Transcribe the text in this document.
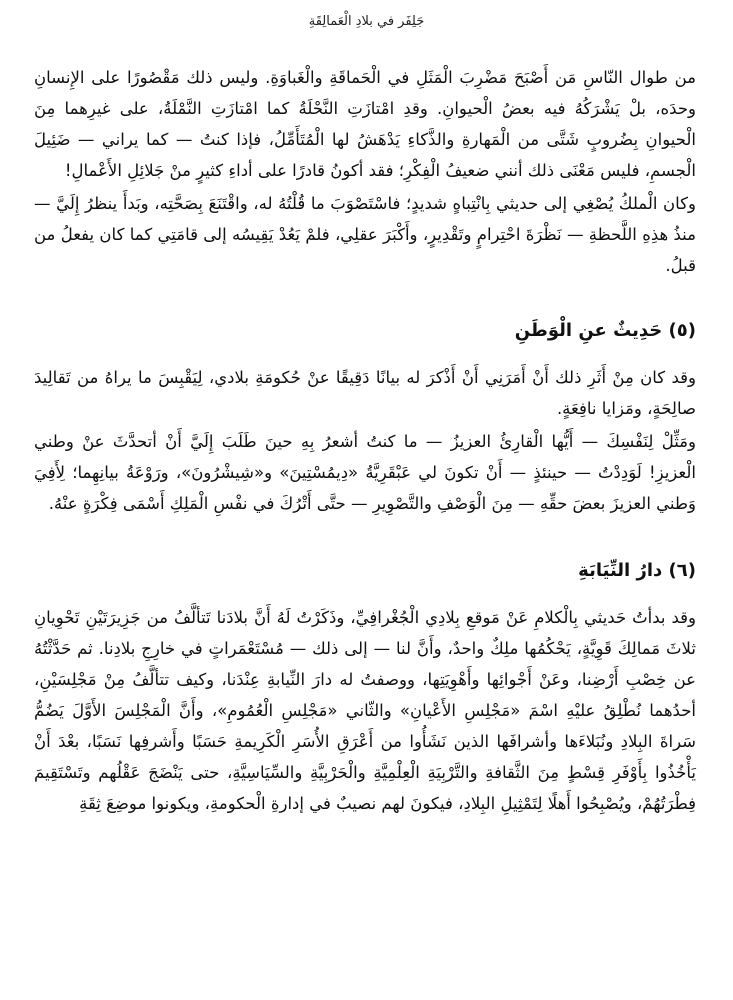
جَلِفَر في بلادِ الْعَمالِقَةِ

من طوال النّاسِ مَن أَصْبَحَ مَضْرِبَ الْمَثَلِ في الْحَماقَةِ والْغَباوَةِ. وليس ذلك مَقْصُورًا على الإِنسانِ وحدَه، بلْ يَشْرَكُهُ فيه بعضُ الْحيوانِ. وقدِ امْتازَتِ النَّحْلَةُ كما امْتازَتِ النَّمْلَةُ، على غيرِهما مِنَ الْحيوانِ بِضُروبٍ شَتَّى من الْمَهارةِ والذَّكاءِ يَدْهَشُ لها الْمُتَأَمِّلُ، فإذا كنتُ — كما يراني — ضَئِيلَ الْجسمِ، فليس مَعْنَى ذلك أنني ضعيفُ الْفِكْرِ؛ فقد أكونُ قادرًا على أداءِ كثيرٍ منْ جَلائِلِ الأَعْمالِ!

وكان الْملكُ يُصْغِي إلى حديثي بِانْتِباهٍ شديدٍ؛ فاسْتَصْوَبَ ما قُلْتُهُ له، واقْتَنَعَ بِصَحَّتِه، وبَدأَ ينظرُ إِلَيَّ — منذُ هذِهِ اللَّحظةِ — نَظْرَةَ احْتِرامٍ وتَقْدِيرٍ، وأَكْبَرَ عقلِي، فلمْ يَعُدْ يَقِيسُه إلى قامَتِي كما كان يفعلُ من قبلُ.

(٥) حَدِيثٌ عنِ الْوَطَنِ

وقد كان مِنْ أَثَرِ ذلك أَنْ أَمَرَنِي أَنْ أَذْكرَ له بيانًا دَقِيقًا عنْ حُكومَةِ بلادي، لِيَقْبِسَ ما يراهُ من تَقالِيدَ صالِحَةٍ، ومَزايا نافِعَةٍ.

ومَثِّلْ لِنَفْسِكَ — أَيُّها الْقارِئُ العزيزُ — ما كنتُ أشعرُ بِهِ حينَ طَلَبَ إِلَيَّ أَنْ أتحدَّثَ عنْ وطني الْعزيزِ! لَوَدِدْتُ — حينئذٍ — أَنْ تكونَ لي عَبْقَرِيَّةُ «دِيمُسْتِينَ» و«شِيشْرُونَ»، ورَوْعَةُ بيانِهِما؛ لِأَفِيَ وَطني العزيزَ بعضَ حقِّهِ — مِنَ الْوَصْفِ والتَّصْوِيرِ — حتَّى أَتْرُكَ في نفْسِ الْمَلِكِ أَسْمَى فِكْرَةٍ عنْهُ.

(٦) دارُ النِّيَابَةِ

وقد بدأتُ حَديثي بِالْكلامِ عَنْ مَوقعِ بِلادِي الْجُغْرافِيِّ، وذَكَرْتُ لَهُ أَنَّ بلادَنا تَتألَّفُ من جَزِيرَتَيْنِ تَحْوِيانِ ثلاثَ مَمالِكَ قَوِيَّةٍ، يَحْكُمُها ملِكٌ واحدٌ، وأَنَّ لنا — إلى ذلك — مُسْتَعْمَراتٍ في خارِجِ بلادِنا. ثم حَدَّثْتُهُ عن خِصْبِ أَرْضِنا، وعَنْ أَجْوائِها وأَهْوِيَتِها، ووصفتُ له دارَ النِّيابةِ عِنْدَنا، وكيف تتألَّفُ مِنْ مَجْلِسَيْنِ، أحدُهما نُطْلِقُ عليْهِ اسْمَ «مَجْلِسِ الأَعْيانِ» والثّاني «مَجْلِسِ الْعُمُومِ»، وأَنَّ الْمَجْلِسَ الأَوَّلَ يَضُمُّ سَراةَ البِلادِ ونُبَلاءَها وأشرافَها الذين نَشَأُوا من أَعْرَقِ الأُسَرِ الْكَرِيمةِ حَسَبًا وأَشرفِها نَسَبًا، بعْدَ أَنْ يَأْخُذُوا بِأَوْفَرِ قِسْطٍ مِنَ الثَّقافةِ والتَّرْبِيَةِ الْعِلْمِيَّةِ والْحَرْبِيَّةِ والسِّيَاسِيَّةِ، حتى يَنْضَجَ عَقْلُهم وتَسْتَقِيمَ فِطْرَتُهُمْ، ويُصْبِحُوا أَهلًا لِتَمْثِيلِ البِلادِ، فيكونَ لهم نصيبٌ في إدارةِ الْحكومةِ، ويكونوا موضِعَ ثِقَةِ
